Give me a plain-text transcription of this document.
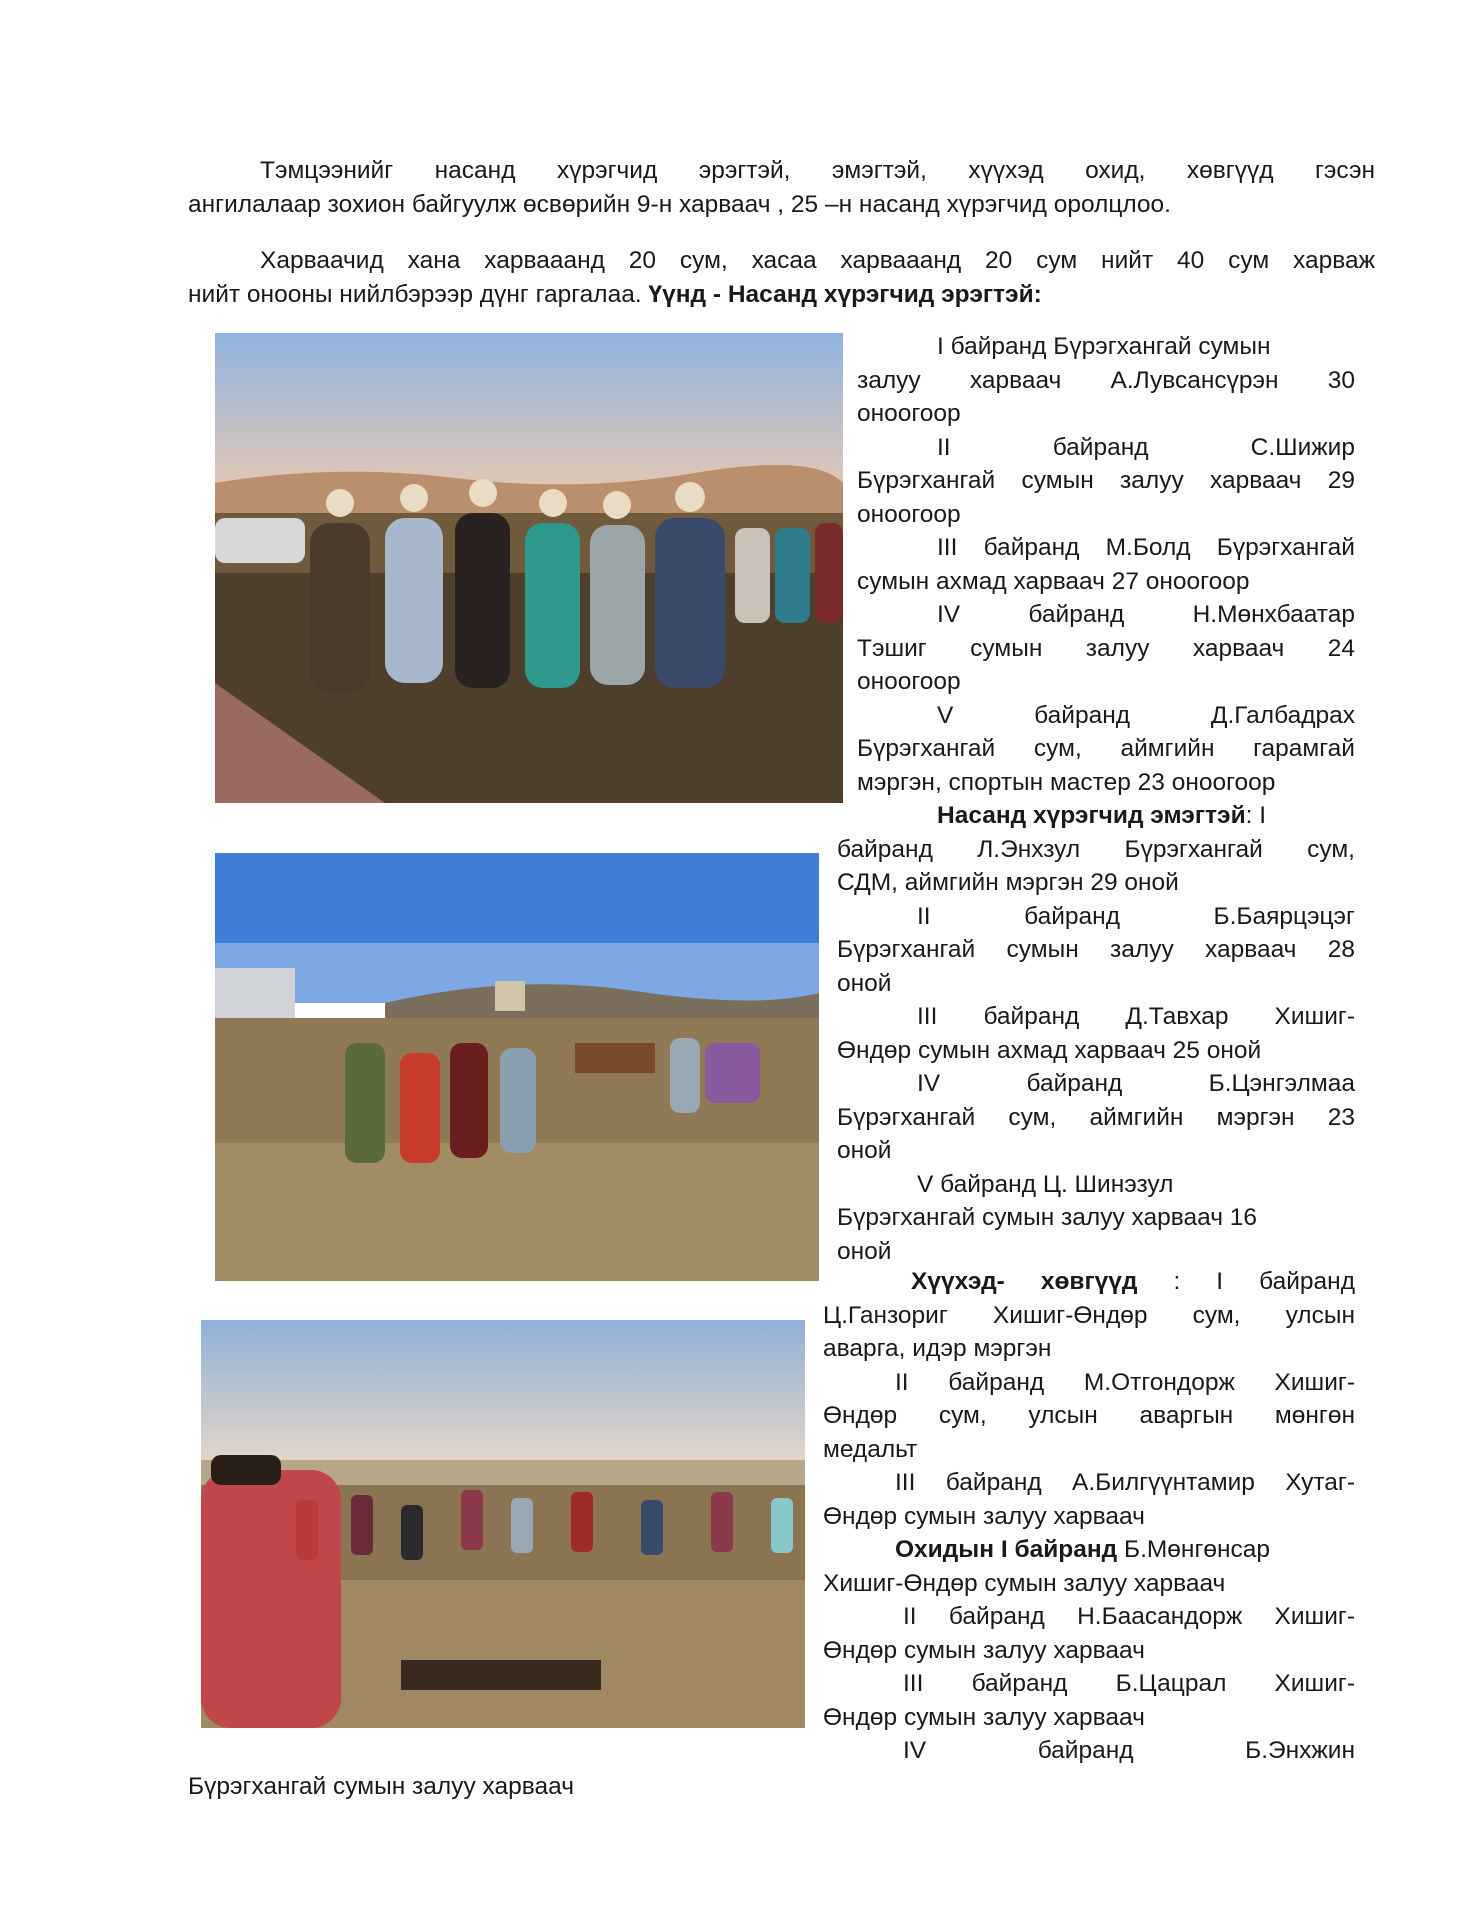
Тэмцээнийг насанд хүрэгчид эрэгтэй, эмэгтэй, хүүхэд охид, хөвгүүд гэсэн
ангилалаар зохион байгуулж өсвөрийн 9-н харваач , 25 –н насанд хүрэгчид оролцлоо.
Харваачид хана харвааанд 20 сум, хасаа харвааанд 20 сум нийт 40 сум харваж
нийт онооны нийлбэрээр дүнг гаргалаа. Үүнд - Насанд хүрэгчид эрэгтэй:
I байранд Бүрэгхангай сумын
залуу харваач А.Лувсансүрэн 30
оноогоор
II байранд С.Шижир
Бүрэгхангай сумын залуу харваач 29
оноогоор
III байранд М.Болд Бүрэгхангай
сумын ахмад харваач 27 оноогоор
IV байранд Н.Мөнхбаатар
Тэшиг сумын залуу харваач 24
оноогоор
V байранд Д.Галбадрах
Бүрэгхангай сум, аймгийн гарамгай
мэргэн, спортын мастер 23 оноогоор
Насанд хүрэгчид эмэгтэй: I
байранд Л.Энхзул Бүрэгхангай сум,
СДМ, аймгийн мэргэн 29 оной
II байранд Б.Баярцэцэг
Бүрэгхангай сумын залуу харваач 28
оной
III байранд Д.Тавхар Хишиг-
Өндөр сумын ахмад харваач 25 оной
IV байранд Б.Цэнгэлмаа
Бүрэгхангай сум, аймгийн мэргэн 23
оной
V байранд Ц. Шинэзул
Бүрэгхангай сумын залуу харваач 16
оной
Хүүхэд- хөвгүүд : I байранд
Ц.Ганзориг Хишиг-Өндөр сум, улсын
аварга, идэр мэргэн
II байранд М.Отгондорж Хишиг-
Өндөр сум, улсын аваргын мөнгөн
медальт
III байранд А.Билгүүнтамир Хутаг-
Өндөр сумын залуу харваач
Охидын I байранд Б.Мөнгөнсар
Хишиг-Өндөр сумын залуу харваач
II байранд Н.Баасандорж Хишиг-
Өндөр сумын залуу харваач
III байранд Б.Цацрал Хишиг-
Өндөр сумын залуу харваач
IV байранд Б.Энхжин
Бүрэгхангай сумын залуу харваач
